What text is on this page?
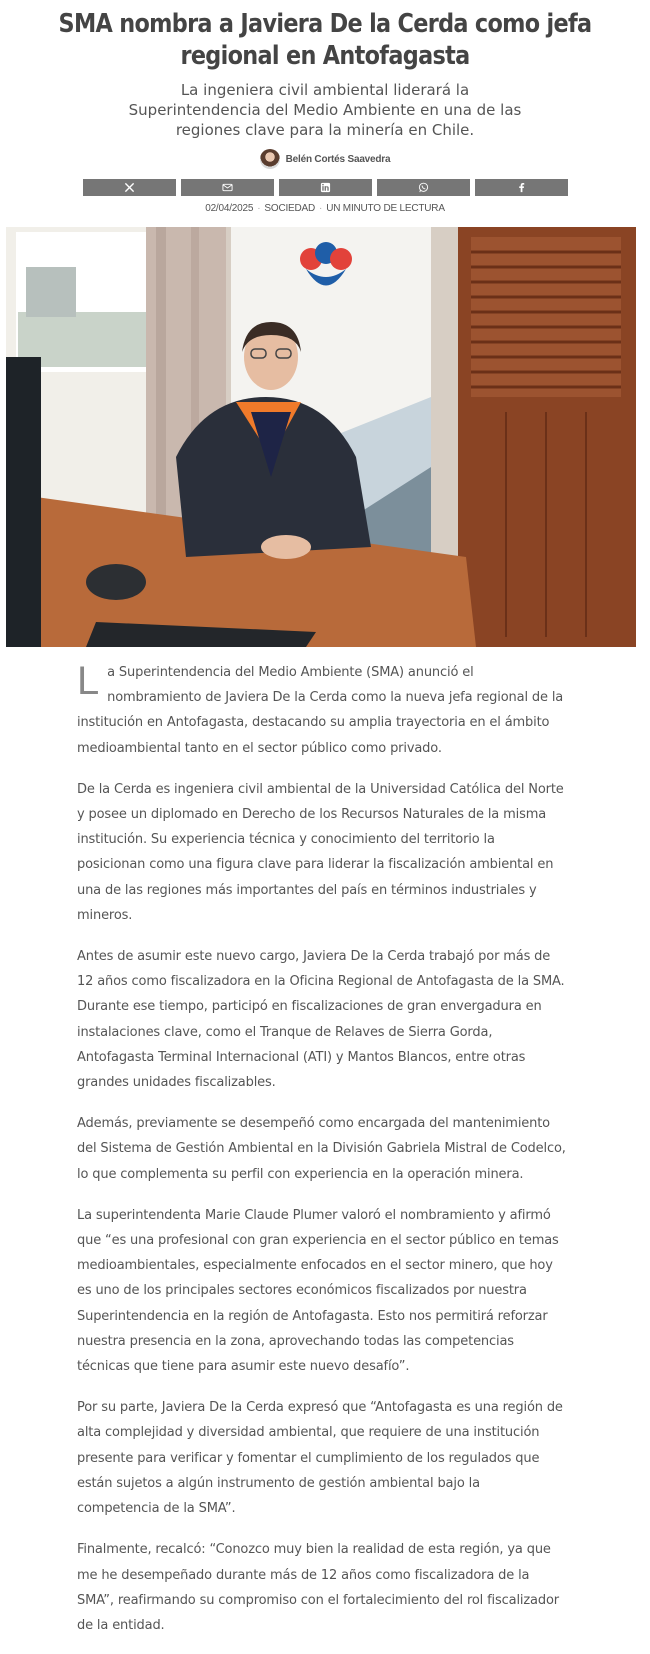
SMA nombra a Javiera De la Cerda como jefa regional en Antofagasta

La ingeniera civil ambiental liderará la Superintendencia del Medio Ambiente en una de las regiones clave para la minería en Chile.

Belén Cortés Saavedra
02/04/2025 · SOCIEDAD · UN MINUTO DE LECTURA

La Superintendencia del Medio Ambiente (SMA) anunció el nombramiento de Javiera De la Cerda como la nueva jefa regional de la institución en Antofagasta, destacando su amplia trayectoria en el ámbito medioambiental tanto en el sector público como privado.

De la Cerda es ingeniera civil ambiental de la Universidad Católica del Norte y posee un diplomado en Derecho de los Recursos Naturales de la misma institución. Su experiencia técnica y conocimiento del territorio la posicionan como una figura clave para liderar la fiscalización ambiental en una de las regiones más importantes del país en términos industriales y mineros.

Antes de asumir este nuevo cargo, Javiera De la Cerda trabajó por más de 12 años como fiscalizadora en la Oficina Regional de Antofagasta de la SMA. Durante ese tiempo, participó en fiscalizaciones de gran envergadura en instalaciones clave, como el Tranque de Relaves de Sierra Gorda, Antofagasta Terminal Internacional (ATI) y Mantos Blancos, entre otras grandes unidades fiscalizables.

Además, previamente se desempeñó como encargada del mantenimiento del Sistema de Gestión Ambiental en la División Gabriela Mistral de Codelco, lo que complementa su perfil con experiencia en la operación minera.

La superintendenta Marie Claude Plumer valoró el nombramiento y afirmó que “es una profesional con gran experiencia en el sector público en temas medioambientales, especialmente enfocados en el sector minero, que hoy es uno de los principales sectores económicos fiscalizados por nuestra Superintendencia en la región de Antofagasta. Esto nos permitirá reforzar nuestra presencia en la zona, aprovechando todas las competencias técnicas que tiene para asumir este nuevo desafío”.

Por su parte, Javiera De la Cerda expresó que “Antofagasta es una región de alta complejidad y diversidad ambiental, que requiere de una institución presente para verificar y fomentar el cumplimiento de los regulados que están sujetos a algún instrumento de gestión ambiental bajo la competencia de la SMA”.

Finalmente, recalcó: “Conozco muy bien la realidad de esta región, ya que me he desempeñado durante más de 12 años como fiscalizadora de la SMA”, reafirmando su compromiso con el fortalecimiento del rol fiscalizador de la entidad.
